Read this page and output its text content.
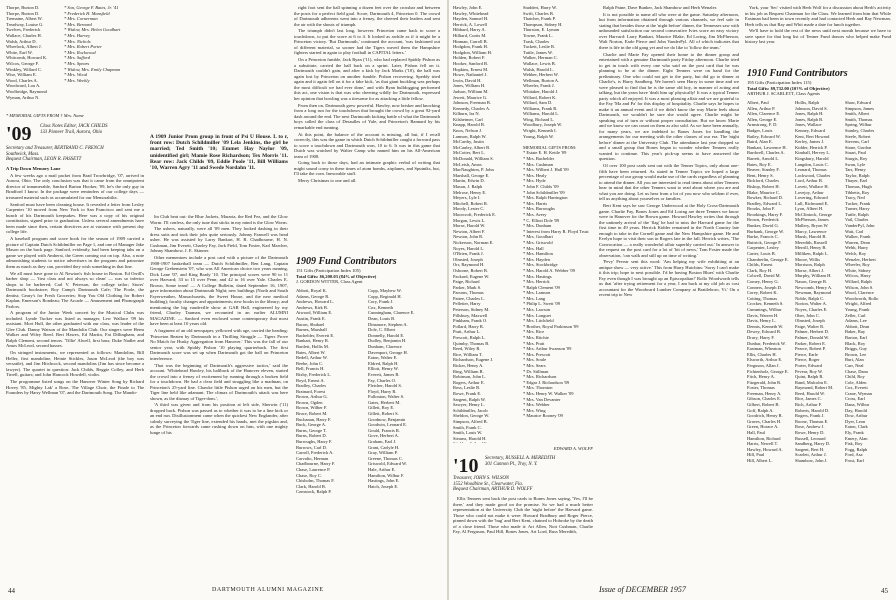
Thorpe, Burton D.
Thorpe, Burton D.
Tremaine, Albert W.
Treadway, Louise G.
Twelves, Frederick
Wallace, Charles H.
Walsh, Arthur D.
Wheelock, Albert J.
White, Earl W.
Whitcomb, Howard K.
Wilcox, George F.
Winkley, Willard C.
Wise, William E.
Wood, Charles A.
Woodward, Lou A.
Woolbridge, Raymond
Wyman, Arthur N.
* Son, George F. Bates, Jr. '41
* Frederick H. Mansfield
* Mrs. Cornerman
* Mrs. Bernard
* Widow, Mrs. Helen Goodhart
* Mrs. Harvey
* Mrs. Nichols
* Mrs. Robert Porter
* Mrs. Rockwood
* Mrs. Safford
* Mrs. Spears
* Widow, Mrs. Emily Chapman
* Mrs. Wood
* Mrs. Weekly
* MEMORIAL GIFTS FROM † Mrs. Name
'09 Class Notes Editor, JACK CHILDS
133 Pioneer Trail, Aurora, Ohio
Secretary and Treasurer, BERTRAND C. FRENCH
Southwick, Mass.
Bequest Chairman, LEON R. FASSETT

A Trip Down Memory Lane

A few weeks ago a mail packet from Brad Trowbridge, '07, arrived in Aurora, Ohio. The only conclusion was that it came from the omnipotent director of innumerable, Sanford Burton Hooker, '09, he's the only guy in Bradford I know. In the package were reminders of our college days — treasured material such as accumulated for our Memorabilia.

Sanford must have been cleaning house. It revealed a letter from Lesley Carpenter '10 moved from New York to San Francisco and sent me a bunch of his Dartmouth keepsakes. Here was a copy of his original constitution, signed prior to graduation. Unless several amendments have been made since then, certain directives are at variance with present day college life.

A baseball program and score book for the season of 1909 carried a picture of Captain Dutch Schildmiller on Page 1, and one of Manager Jake Mason on the back page. Sanford, evidently, had been keeping tabs on a game we played with Amherst, the Green coming out on top. Also, a note admonishing students to notice advertisers in the program and patronize them as much as they can, provided they wish something in that line.

We all must have gone to Al Newton's fish house in Boston. Ed Orrill's barber shop — 'first class and not always so clean' — was so inferior shops to be barbered; Carl V. Peterson, the college tailor; Storrs' Dartmouth bookstore; Roy Camp's Dartmouth Cafe; The Poole, the dentist; Geary's for Fresh Groceries; Stop You Old Clothing for Robert Kaplan; Emerson's Rondeau; The Arcade — Amusement and Phonograph Parlors.

A program of the Junior Week concert by the Musical Clubs was included. Lynde Tucker was listed as manager, Lew Wallace '09 his assistant. Mort Hull, the other graduated with our class, was leader of the Glee Club. Danny Watson of the Mandolin Club. Our singers were Herm Walker and Wiley Reed. Bert Hawes, Ed Martin, Fat Dillingham, and Ralph Clement, second tenors. 'Tillie' Alwell, first bass; Duke Nadler and Amos McLeod, second basses.

On stringed instruments, we represented as follows: Mandolins, Bill Heller, first mandoline, Heinie Stickles, Jason McLeod (the boy was versatile), and Jim Hitchcock, second mandolins (Jim has since become a lawyer). The quartet in question: Jack Childs, Reggie Colley, and Herb Tirrell, guitars; and John Hancock Howdell, violin.

The programme listed songs on the Hanover Winter Song by Richard Hovey '85, Mighty Lak' a Rose, The Village Choir, the Finale to The Founders by Harry Wellman '07, and the Dartmouth Song. The Mando-

A 1909 Junior Prom group in front of Psi U House. L to r, front row: Dutch Schildmiller '09 Lela Jenkins, the girl he married; Ted Smith '10; Emmet Hay Naylor '09, unidentified girl; Mamie Rose Richardson; Tex Morris '11. Rear row: Jack Childs '09, Eddie Poole '11, Bill Williams '10, Warren Agry '11 and Swede Nordahn '11.

lin Club beat out: the Blue Jackets, Mararia, the Red Fez, and the Glow Worm. I'll confess, the only tune that sticks in my mind is the Glow Worm.

The ushers, naturally, were all '09 men. They looked dashing in their dress suits and took their jobs quite seriously. Johnny Fanwell was head usher. He was assisted by Larry Bankart, H. R. Chadbourne, H. N. Cushman, Jim Everett, Charley Fay, Jack Field, Tom Foster, Karl Marcher, Johnny Shambow, J. E. Skinner.

Other mementoes include a post card with a picture of the Dartmouth 1908-1907 basketball team — Dutch Schildmiller, Ben Lang, Captain George Grebenstein '07, who was All American choice two years running, Dick Lane '07, and King Brady '10. The principal scores were 90 to 11 over Harvard; 33 to 15 over Penn; and 42 to 16 over Yale. Charles E. Brown, Some team! — A College Bulletin, dated September 16, 1907, gave information about Dartmouth Night; new buildings (North and South Fayerweather, Massachusetts, the Sweet House, and the new medical building); faculty changes and appointments; new books in the library; and mentioning the big vaudeville show at GAR Hall, engineered by my friend, Charley Tauman, we recounted in an earlier ALUMNI MAGAZINE. — Sanford even enclosed some contemporary that most have been at least 10 years old.

A fragment of an old newspaper, yellowed with age, carried the heading: 'Princeton Beaten by Dartmouth in a Thrilling Struggle — Tigers Prove No Match for Husky Aggregation from Hanover.' This was the fall of our senior year, with Spiddy Pishon '10 playing quarterback. The first Dartmouth score was set up when Dartmouth got the ball on Princeton interference.

'That was the beginning of Dartmouth's aggressive tactics,' said the account. 'Whitehead Hawley, his halfback of the Hanover eleven, started the crowd into a frenzy of excitement by running through a broken field for a touchdown. He had a clear field and straggling like a madman, on Princeton's 25-yard line. Chawke little Pishon urged on his men, but the Tiger line held like adamant. The climax of Dartmouth's attack was here shown, as the dismay of Tiger-dom.',

'A third was given and from his position at left side, Sherwin ('11) dropped back. Pishon was passed as to whether it was to be a line kick or an end run. Disillusionment came when the quickest New Englander, after calmly surveying the Tiger line, extended his hands, met the pigskin and, as the Princeton forwards came rushing down on him, with one mighty lunge of his

right foot sent the ball spinning a dozen feet over the crossbar and between the posts for a perfect field goal. Score, Dartmouth 4, Princeton 0. The crowd of Dartmouth adherents went into a frenzy, the cheered their leaders and sent the air with the shouts of triumph.

The triumph didn't last long, however. Princeton came back to score a touchdown, to put the score at 6 to 4. It looked as awhile as if it might be a Princeton victory. 'But Dartmouth,' continued the account, 'was fashioned out of different material, so sooner had the Tigers waved them the Hampshire fighters started in again to play football in CAPITAL letters.'

On a Princeton fumble, Jack Ryan ('11), who had replaced Spiddy Pishon as a substitute, carried the ball back on a sprint. Later, Pishon fell on it. Dartmouth couldn't gain, and after a kick by Jack Marks ('10), the ball was again lost by Princeton on another fumble. Pishon recovering. Speddy tried again and it again fell on it for a fake kick, 'as that giant buckling was perhaps the most difficult we had ever done,' and with Ryan bulldogging performed this act, one vision is that was who cheering wildly for Dartmouth, expressed her opinion that bowling was a tiresome for as attacking a little fellow.

From then on, Dartmouth grew powerful. Hawley, now brisker and knocking from a long run for the touchdown that brought the crowd by a great 92-yard dash around the end. The next Dartmouth kicking battle of what the Dartmouth boys called the class of Desaulles of Yale, and Princeton's Bannard by his remarkable end running.

At this point, the balance of the account is missing, all but, if I recall correctly, this was the game in which Dutch Schildmiller caught a forward pass to score a touchdown and Dartmouth won, 10 to 6. It was in this game that Dutch was watched by Walter Camp who named him on his All-American team of 1908.

Going back to those days, had an intimate graphic verbal of writing that might sound corny in these times of atom bombs, airplanes, and Sputniks, but, I'll take the corn. Inexorable stuff.

Merry Christmas to one and all.

1909 Fund Contributors
151 Gifts (Participation Index 105)
Total Gifts: $6,200.03 (84% of Objective)
J. GORDON WITTER, Class Agent
Abbott, Royal K.
Adams, George R.
Andrews, Howard L.
Andrews, Kirk B.
Atwood, William E.
Austin, Frank E.
Bacon, Shubael
Barnes, Marshall
Bachelder, Everett E.
Bankart, Henry R.
Bartlett, Hollis M.
Bates, Albert W.
Bedell, Arthur W.
Beebe, John C.
Bell, Francis H.
Bixby, Frederick L.
Boyd, Ernest A.
Bradley, Charles
Brainard, Forest
Brown, Arthur G.
Brown, Ogden
Brown, Wilber F.
Bruce, Robert M.
Buchanan, Harry F.
Buck, George A.
Burns, George T.
Burns, Robert D.
Burroughs, Harry F.
Burrows, Carl D.
Carroll, Frederick A.
Carvalio, Herman
Chadbourne, Harry F.
Chase, Laurence P.
Chase, Roy C.
Chisholm, Thomas F.
Clark, Harold B.
Comstock, Ralph P.
Copp, Mayhew W.
Copp, Reginald H.
Cory, Frank J.
Cox, Kenneth
Cunningham, Clarence E.
Dean, Louis B.
Dinsmore, Stephen A.
Dole, C. Elbert
Donnelly, Harold E.
Dudley, Benjamin H.
Dunham, Clarence
Davenport, George H.
Eaton, Walter E.
Eldred, Ralph H.
Elliott, Henry W.
Everett, James R.
Fay, Charles O.
Fletcher, Harold S.
Floyd, Harry R.
Fullonton, Walter S.
Gates, Herbert M.
Gillett, Roy E.
Gillett, Robert S.
Goodnow, Benjamin
Goodwin, Leonard E.
Gould, Francis R.
Gove, Herbert A.
Graham, Earl J.
Grant, Carlyle H.
Gray, William P.
Greene, Thomas C.
Griswold, Edward W.
Hale, Arthur E.
Hamilton, Wilbur F.
Hastings, John E.
Hatch, Joseph E.
44	DARTMOUTH ALUMNI MAGAZINE
Hawley, John E.
Hawley, Whitehead
Hayden, Samuel H.
Herrick, A. Lowell
Hibbard, Harry A.
Hilliard, Curtis M.
Hinman, Carroll B.
Hodgdon, Frank H.
Hodgdon, William H.
Holden, Robert F.
Hooker, Sanford B.
Hopkins, Ernest M.
Howe, Nathaniel J.
Irwin, David H.
Jones, William H.
Judson, William M.
Jewett, Maurice G.
Johnson, Freeman B.
Kennedy, Charles A.
Kilburn, Ira N.
Kilsheimer, Carl
Knapp, Harold B.
Knox, Nelson J.
Lamson, Ralph W.
McCarthy, Justin
McCauley, Albert B.
McCotter, Bert L.
McDonald, William S.
McLeish, Amos
MacNaughton, P. John
Marshall, George E.
Martin, Edwin D.
Mason, J. Ralph
Melrose, Henry E.
Meyers, Lyle I.
Mitchell, Robert R.
Moody, Lester C.
Moorcroft, Frederick E.
Morgan, Lewis L.
Morse, Harold W.
Newton, Albert F.
Newton, John R.
Nickerson, Norman E.
Noyes, Harold L.
O'Brien, Frank J.
Olmsted, Joseph
Orr, Raymond H.
Osborne, Robert B.
Packard, Eugene W.
Paige, Richard
Parker, Mark S.
Parsons, Thomas
Pattee, Charles L.
Pelletier, Harry
Peterson, Sidney M.
Pillsbury, Maxwell
Pinkham, Frank O.
Pollard, Harry R.
Pratt, Arthur L.
Prescott, Ralph L.
Quimby, Thomas B.
Reed, Wiley R.
Rice, William T.
Richardson, Eugene J.
Ricker, Henry A.
Ring, William R.
Robinson, John L.
Rogers, Arthur E.
Ross, Leslie B.
Rowe, Frank E.
Sargent, Ralph W.
Sawyer, Henry L.
Schildmiller, Jacob
Sheldon, George W.
Simpson, Alfred B.
Smith, Frank C.
Smith, Louis W.
Stearns, Harold H.
Studdert, Harry W.
Swift, Charles B.
Thatcher, Frank P.
Thompson, Sidney H.
Thurston, E. Lyman
Towne, Frank L.
Trask, Charles
Tuckett, Leslie R.
Tuttle, James W.
Walker, Herman C.
Wallace, Lewis B.
Walsh, Harold L.
Webber, Herbert W.
Wellman, Burton A.
Wheeler, Frank J.
Whitaker, Harold J.
Willard, Robert K.
Willard, Sam D.
Williams, Frank R.
Williams, Harold L.
Wing, Richard L.
Woodbury, Joseph W.
Wright, Kenneth I.
Young, Ralph W.

MEMORIAL GIFTS FROM:
* Estate E. H. Kettle '09
* Mrs. Bachelder
* Mrs. Cushman
* Mrs. Wilbert J. Hall '09
* Mrs. Healy
* Mrs. Hyde
* John F. Childs '09
* John Schildmiller '09
* Mrs. Ralph Harrington
* Mrs. Harris
* Mrs. Burroughs
* Mrs. Avery
* C. Elliott Dole '09
* Mrs. Dunham
* Interest from Harry R. Floyd Trust
* Mrs. Goodhart
* Mrs. Griswold
* Mrs. Hall
* Mrs. Hamilton
* Mrs. Hayden
* Mrs. Stockbridge
* Mrs. Harold A. Webber '09
* Mrs. Hastings
* Mrs. Herrick
* Ralph Clement '09
* Mrs. Lamson
* Mrs. Lang
* Philip L. Swett '09
* Mrs. Lawson
* Mrs. Longuet
* Mrs. Litchfield
* Brother, Royal Parkinson '09
* Mrs. Rice
* Mrs. Ritchie
* Mrs. Pratt
* Mrs. Arthur Swanson '09
* Mrs. Prescott
* Mrs. Soule
* Mrs. Sears
* Dr. Stillman
* Mrs. Richardson
* Edgar J. Richardson '09
* Mrs. Thornton
* Mrs. Henry W. Walker '09
* Mrs. Van Devanter
* Mrs. Webber
* Mrs. Wing
* Maurice Rooney '09
EDWARD A. WOLFF
'10 Secretary, RUSSELL A. MEREDITH
301 Cannon Pl., Troy, N. Y.
Treasurer, JOHN S. WILSON
1552 Woodbine St., Clearwater, Fla.
Bequest Chairman, ARTHUR D. WOLFF

Ellis Tenners sent back the post cards to Bones Jones saying, 'Yes, I'll be there,' and they made good on the promise. So we had a much better representation at the University Club the 'night before' the Harvard game. Those who could not make it were: Howard Bradbury and Roger Pierce, pinned down with the 'bug' and Bert Kent, chained to Hobroke by the death of a close friend. Those who made it: Art Allen, Nort Cushman, Charlie Fay, Al Ferguson, Paul Hill, Bones Jones, Art Lord, Russ Meredith,

Ralph Paine, Dave Bunker, Jack Shambow and Herb Wenzler.

It is not possible to name all who were at the game. Saturday afternoon, but from information obtained through various channels, we feel safe in stating that besides those at the 'night before' dinner, the Tennesses saw with unbounded satisfaction our second consecutive Ivies score an easy victory over Harvard: Larry Bankart, Maurice Blake, Ed Loring, Jim McPherson, Walt Norton, Earle Pierce and John VanderPyl. All of which indicates that there is life in the old gang yet and we do like to 'follow the team.'

Charlie and Marie Fay opened their home to the dinner group and entertained with a genuine Dartmouth party Friday afternoon. Charlie tried to get in touch with every one who said on the post card that he was planning to be at the dinner. Eight Tenners were on hand for the preliminary. One who could not get to the party, but did go to dinner at Charlie's, is Harry Sandberg. We haven't seen Harry in some time and we were pleased to find that he is the same old boy, in manner of acting and talking, but the years have 'dealt him up' physically! It was a typical Tenner party which all enjoyed. It was a most pleasing affair and we are grateful to the Fay 'Ma and Pa' for this display of hospitality. Charlie says he hopes to make it an annual event and if we didn't know the way Marie feels about Dartmouth, we wouldn't be sure she would agree. Charlie might be speaking out of turn or without proper consultation. But we know Marie and we know we can count on them as also sold. As we have been annually, for many years, we are indebted to Bones Jones for handling the arrangements for our meeting with the other classes of our era. The 'night before' dinner at the University Club. The attendance last year dropped so and a small group that Bones began to wonder whether Tenners really wanted to continue. This year's pick-up seems to have answered the question.

Of over 100 post cards sent out with the Tenner Topics, only about one-fifth have been returned. As stated in Tenner Topics we hoped a large percentage of our group would make use of the cards regardless of planning to attend the dinner. All you are interested to read items about other Tenners bear in mind that the other Tenners want to read about where you are and what you are doing. Let us hear from a lot of you now who seldom if ever, tell us anything about yourselves or families.

Bert Kent says he saw George Underwood at the Holy Cross-Dartmouth game. Charlie Fay, Bones Jones and Ed Loring are three Tenners we know were in Hanover for the Brown game. Howard Hawley writes that through the untimely arrival of the 'flag' he had to miss the Harvard game for the first time in 49 years. Herrick Kidder remained in the North Country late enough to take in the Cornell game and the New Hampshire game. He and Evelyn hope to visit their son in Rogers late in the fall. Herrick writes, 'The Convocation — a really wonderful affair superbly carried out.' In answer to the request on the post card for a lot of 'bit of news,' Tom Foster made the observation, 'can walk and still up on time of writing.'

'Pevy' Pevear sent this word: 'Am helping my wife exhibiting at an antique show — very active.' This from Harry Hutchins: 'Sorry I can't make it this trip; hope to next possible. I'd be having Boston Blues' with Charlie Fay even though I was brought up an Episcopalian!' Rollo Woodworth tells us that 'after trying retirement for a year, I am back at my old job as cost accountant for the Woodward Lumber Company at Brattleboro, Vt.' On a recent trip to New

York, your 'Sec' visited with Herb Wolf for a discussion about Herb's activity in his job as Bequest Chairman for the Class. We learned from him that While Eastman had been in town recently and had contacted Herb and Ray Newman. Herb tells us that Ray and Whit made a date for lunch together.

We'll have to hold the rest of the news until next month because we have to save space for that long list of Tenner Fund donors who helped make Fund history last year.

1910 Fund Contributors
195 Gifts (Participation Index 115)
Total Gifts: $9,732.00 (10?% of Objective)
ARTHUR J. SCARLETT, Class Agents
Albert, Paul
Allen, Arthur P.
Allen, Clarence E.
Allen, George E.
Armstrong, F. D.
Badger, Louis
Bailey, Edward W.
Baird, Alan E.
Bankart, Lawrence H.
Bardwell, Charles A.
Barrett, Arnold L.
Bates, Roy E.
Beaver, Stanley F.
Bent, Henry S.
Bickford, Charles
Bishop, Robert H.
Blake, Maurice C.
Bowker, Richard D.
Bradley, Edward L.
Brooks, John F.
Brookings, Harry F.
Brown, Frederick
Bunker, David G.
Burbank, George W.
Burke, Francis C.
Buttrick, George F.
Carpenter, Lesley
Carter, Louis B.
Chamberlin, George E.
Childs, Ernest
Clark, Roy H.
Colwell, David M.
Comey, Henry G.
Conners, Joseph D.
Corey, Robert K.
Cotting, Thomas
Crocker, Kenneth S.
Cummings, Wilbur
Davis, Warren H.
Davis, Henry L.
Dennis, Kenneth W.
Dewey, Edward B.
Drury, Harry F.
Dunbar, Frederick W.
Eastman, Wheaton
Ellis, Charles H.
Elsworth, Arthur E.
Ferguson, Allan J.
Fichtenholz, George E.
Fitch, Henry A.
Fitzgerald, John R.
Foster, Thomas
Freeman, Henry A.
Gibson, Charles E.
Gilbert, Robert B.
Goff, Ralph A.
Goodrich, Henry R.
Graves, Charles H.
Green, Horace A.
Hall, Paul
Hamilton, Richard
Harris, Newell T.
Hawley, Howard A.
Hill, Paul
Hill, Albert L.
Hollis, Ralph
Johnson, David S.
Jones, Ralph H.
Jones, Ralph B.
Jones, Wallace
Kenney, Edward
Kent, Bert Howard
Kerley, James J.
Kidder, Herrick P.
Kimball, Hervey L.
Kingsbury, Harold
Langdon, Louis C.
Leonard, Thomas
Lockwood, Charles
Lord, Arthur B.
Lovett, Wallace H.
Lovejoy, Arthur
Lovering, Edward
Lull, Richmond E.
Lyon, Albert H.
McClintock, George
McPherson, James
Mallery, Bryon W.
Marcy, Lawrence
Marsh, Harold B.
Meredith, Russell
Merrill, Henry B.
Milliken, Ralph L.
Moore, Willis
Morrison, Ralph
Morse, Albert J.
Murphy, William H.
Nason, George R.
Newcomb, Henry A.
Newman, Raymond
Noble, Ralph C.
Norton, Walter A.
Noyes, Charles E.
Ober, John C.
Olmsted, Joseph
Paige, Walter R.
Palmer, Herbert D.
Palmer, Donald W.
Parker, Robert E.
Pearce, Robert P.
Pierce, Earle
Pierce, Roger
Porter, Edward
Pevear, Roy W.
Quint, Ralph R.
Rand, Malcolm E.
Raymond, Robert M.
Reed, Harold W.
Rice, James C.
Rich, Arthur F.
Roberts, Harold D.
Rogers, Frank J.
Roone, Thomas E.
Rose, Andrew J.
Rowe, Henry D.
Russell, Leonard
Sandberg, Harry D.
Sargent, Bert H.
Scarlett, Arthur J.
Shambow, John J.
Shaw, Edward
Simpson, James
Smith, Albert
Smith, Thomas
Spring, Wilbur
Stanley, Charles
Steele, Robert
Stevens, Carl
Stone, Gordon
Stuart, Paul
Sturgis, Roy
Swan, Lyle
Tarr, Henry
Taylor, Ralph
Thayer, Earl
Thomas, Hugh
Tibbetts, Roy
Tracy, Ned
Tucker, Frank
Turner, Harry
Tuttle, Ralph
Vail, Charles
VanderPyl, John
Wait, Carl
Walker, Frank
Warren, Dean
Webb, Harry
Welch, Roy
Wenzler, Herbert
Wheeler, Roy
White, Sidney
Wilcox, Harry
Willard, Ralph
Wilson, John S.
Wood, Clarence
Woodworth, Rollo
Wright, Alfred
Young, Frank
Zeller, Carl
Adams, Lee
Abbott, Dean
Baker, Ray
Barton, Earl
Black, Roy
Briggs, Guy
Brown, Lee
Burt, Alan
Carr, Neal
Chase, Dana
Child, Roy
Cole, Alden
Cox, Everett
Crane, Wyman
Cross, Earl
Dana, Wilbur
Day, Harold
Dow, Arthur
Dyer, Leon
Eaton, Clark
Ely, Frank
Emery, Alan
Fisk, Roy
Fogg, Ralph
Ford, Asa
Frost, Earl
Issue of DECEMBER 1957	45
